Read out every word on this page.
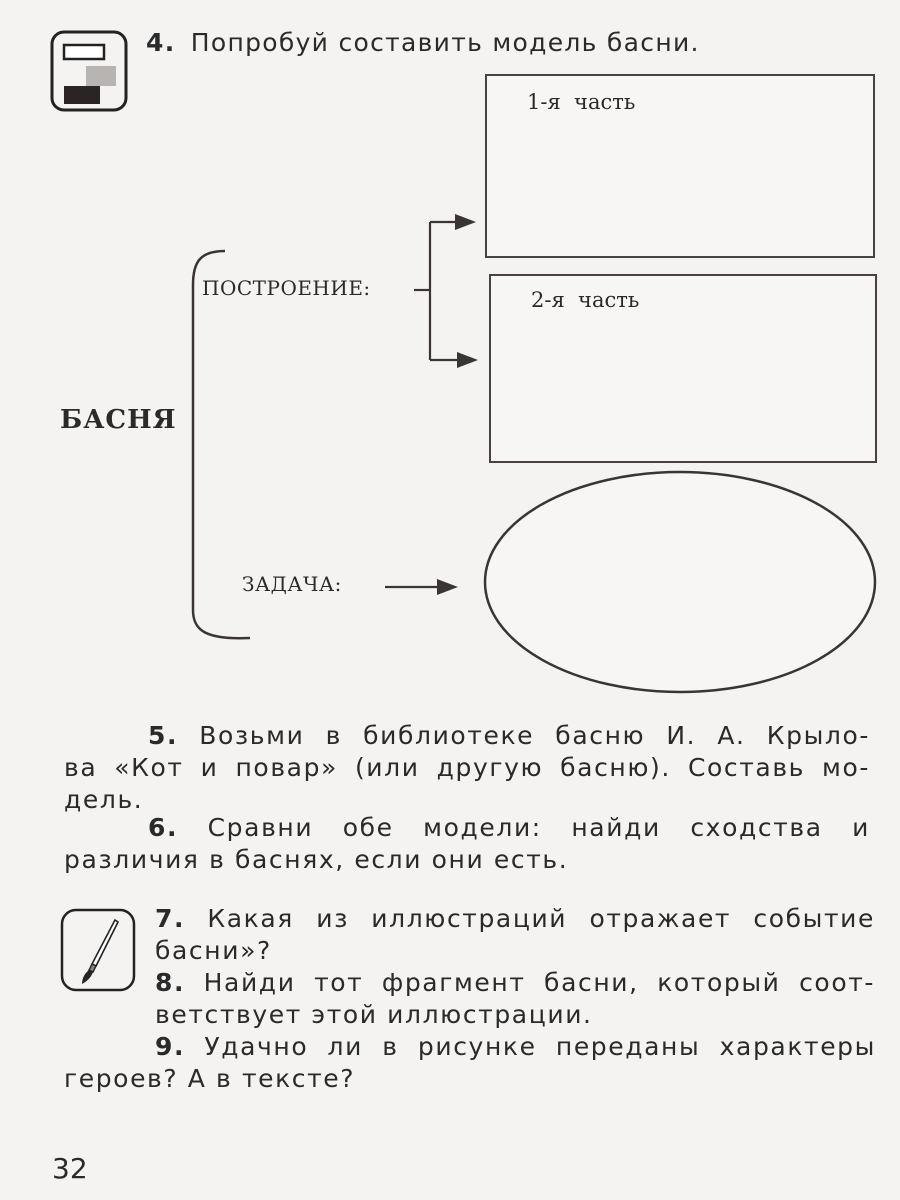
4. Попробуй составить модель басни.
1-я  часть
2-я  часть
БАСНЯ
ПОСТРОЕНИЕ:
ЗАДАЧА:

5. Возьми в библиотеке басню И. А. Крыло-

ва «Кот и повар» (или другую басню). Составь мо-

дель.

6. Сравни обе модели: найди сходства и

различия в баснях, если они есть.

7. Какая из иллюстраций отражает событие

басни»?

8. Найди тот фрагмент басни, который соот-

ветствует этой иллюстрации.

9. Удачно ли в рисунке переданы характеры

героев? А в тексте?

32
